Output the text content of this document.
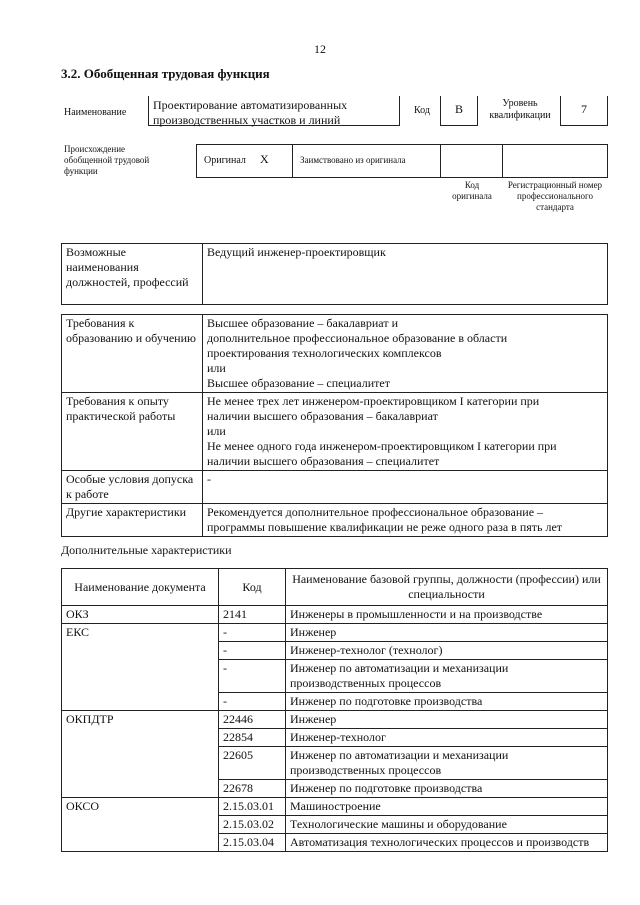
12
3.2. Обобщенная трудовая функция
Наименование
Проектирование автоматизированных производственных участков и линий
Код	B	Уровень квалификации	7
Происхождение обобщенной трудовой функции
Оригинал X	Заимствовано из оригинала
Код оригинала
Регистрационный номер профессионального стандарта
Возможные наименования должностей, профессий	Ведущий инженер-проектировщик
Требования к образованию и обучению	Высшее образование – бакалавриат и
дополнительное профессиональное образование в области
проектирования технологических комплексов
или
Высшее образование – специалитет

Требования к опыту практической работы	Не менее трех лет инженером-проектировщиком I категории при
наличии высшего образования – бакалавриат
или
Не менее одного года инженером-проектировщиком I категории при
наличии высшего образования – специалитет

Особые условия допуска к работе	-

Другие характеристики	Рекомендуется дополнительное профессиональное образование –
программы повышение квалификации не реже одного раза в пять лет
Дополнительные характеристики
Наименование документа	Код	Наименование базовой группы, должности (профессии) или специальности
ОКЗ	2141	Инженеры в промышленности и на производстве
ЕКС	-	Инженер
	-	Инженер-технолог (технолог)
	-	Инженер по автоматизации и механизации производственных процессов
	-	Инженер по подготовке производства
ОКПДТР	22446	Инженер
	22854	Инженер-технолог
	22605	Инженер по автоматизации и механизации производственных процессов
	22678	Инженер по подготовке производства
ОКСО	2.15.03.01	Машиностроение
	2.15.03.02	Технологические машины и оборудование
	2.15.03.04	Автоматизация технологических процессов и производств
